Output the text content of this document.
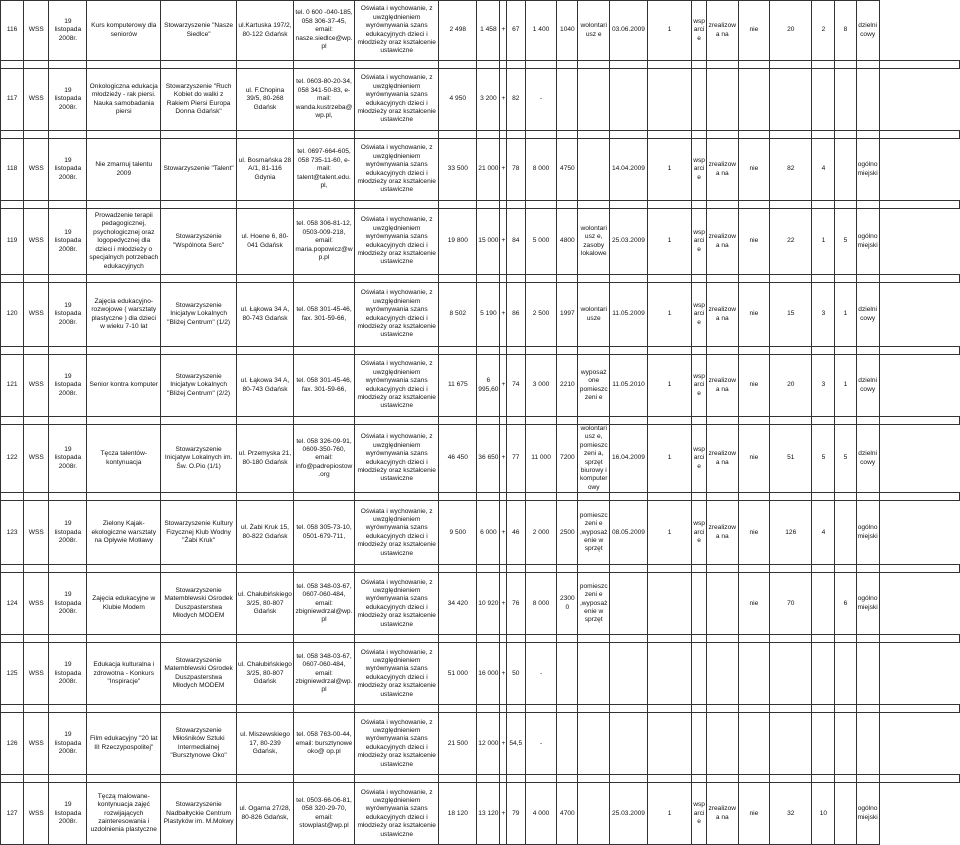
116	WSS	19 listopada 2008r.	Kurs komputerowy dla seniorów	Stowarzyszenie "Nasze Siedlce"	ul.Kartuska 197/2, 80-122 Gdańsk	tel. 0 600 -040-185, 058 306-37-45, email: nasze.siedlce@wp. pl	Oświata i wychowanie, z uwzględnieniem wyrównywania szans edukacyjnych dzieci i młodzieży oraz kształcenie ustawiczne	2 498	1 458	+	67	1 400	1040	wolontariusz e	03.06.2009	1	wsparcie	zrealizowa na	nie	20	2	8	dzielnicowy	

117	WSS	19 listopada 2008r.	Onkologiczna edukacja młodzieży - rak piersi. Nauka samobadania piersi	Stowarzyszenie "Ruch Kobiet do walki z Rakiem Piersi Europa Donna Gdańsk"	ul. F.Chopina 39/5, 80-268 Gdańsk	tel. 0603-80-20-34, 058 341-50-83, e-mail: wanda.kustrzeba@ wp.pl,	Oświata i wychowanie, z uwzględnieniem wyrównywania szans edukacyjnych dzieci i młodzieży oraz kształcenie ustawiczne	4 950	3 200	+	82	-												

118	WSS	19 listopada 2008r.	Nie zmarnuj talentu 2009	Stowarzyszenie "Talent"	ul. Bosmańska 28 A/1, 81-116 Gdynia	tel. 0697-664-605, 058 735-11-60, e-mail: talent@talent.edu. pl,	Oświata i wychowanie, z uwzględnieniem wyrównywania szans edukacyjnych dzieci i młodzieży oraz kształcenie ustawiczne	33 500	21 000	+	78	8 000	4750		14.04.2009	1	wsparcie	zrealizowa na	nie	82	4		ogólnomiejski	

119	WSS	19 listopada 2008r.	Prowadzenie terapii pedagogicznej, psychologicznej oraz logopedycznej dla dzieci i młodzieży o specjalnych potrzebach edukacyjnych	Stowarzyszenie "Wspólnota Serc"	ul. Hoene 6, 80-041 Gdańsk	tel. 058 306-81-12, 0503-009-218, email: maria.popowicz@w p.pl	Oświata i wychowanie, z uwzględnieniem wyrównywania szans edukacyjnych dzieci i młodzieży oraz kształcenie ustawiczne	19 800	15 000	+	84	5 000	4800	wolontariusz e, zasoby lokalowe	25.03.2009	1	wsparcie	zrealizowa na	nie	22	1	5	ogólnomiejski	

120	WSS	19 listopada 2008r.	Zajęcia edukacyjno-rozwojowe ( warsztaty plastyczne ) dla dzieci w wieku 7-10 lat	Stowarzyszenie Inicjatyw Lokalnych "Bliżej Centrum" (1/2)	ul. Łąkowa 34 A, 80-743 Gdańsk	tel. 058 301-45-46, fax. 301-59-66,	Oświata i wychowanie, z uwzględnieniem wyrównywania szans edukacyjnych dzieci i młodzieży oraz kształcenie ustawiczne	8 502	5 190	+	86	2 500	1997	wolontariusze	11.05.2009	1	wsparcie	zrealizowa na	nie	15	3	1	dzielnicowy	

121	WSS	19 listopada 2008r.	Senior kontra komputer	Stowarzyszenie Inicjatyw Lokalnych "Bliżej Centrum" (2/2)	ul. Łąkowa 34 A, 80-743 Gdańsk	tel. 058 301-45-46, fax. 301-59-66,	Oświata i wychowanie, z uwzględnieniem wyrównywania szans edukacyjnych dzieci i młodzieży oraz kształcenie ustawiczne	11 675	6 995,60	+	74	3 000	2210	wyposażone pomieszczeni e	11.05.2010	1	wsparcie	zrealizowa na	nie	20	3	1	dzielnicowy	

122	WSS	19 listopada 2008r.	Tęcza talentów- kontynuacja	Stowarzyszenie Inicjatyw Lokalnych im. Św. O.Pio (1/1)	ul. Przemyska 21, 80-180 Gdańsk	tel. 058 326-09-91, 0609-350-760, email: info@padrepiostow .org	Oświata i wychowanie, z uwzględnieniem wyrównywania szans edukacyjnych dzieci i młodzieży oraz kształcenie ustawiczne	46 450	36 650	+	77	11 000	7200	wolontariusz e, pomieszczeni a, sprzęt biurowy i komputerowy	16.04.2009	1	wsparcie	zrealizowa na	nie	51	5	5	dzielnicowy	

123	WSS	19 listopada 2008r.	Zielony Kajak- ekologiczne warsztaty na Opływie Motławy	Stowarzyszenie Kultury Fizycznej Klub Wodny "Żabi Kruk"	ul. Żabi Kruk 15, 80-822 Gdańsk	tel. 058 305-73-10, 0501-679-711,	Oświata i wychowanie, z uwzględnieniem wyrównywania szans edukacyjnych dzieci i młodzieży oraz kształcenie ustawiczne	9 500	6 000	+	46	2 000	2500	pomieszczeni e ,wyposażenie w sprzęt	08.05.2009	1	wsparcie	zrealizowa na	nie	126	4		ogólnomiejski	

124	WSS	19 listopada 2008r.	Zajęcia edukacyjne w Klubie Modem	Stowarzyszenie Matemblewski Ośrodek Duszpasterstwa Młodych MODEM	ul. Chałubińskiego 3/25, 80-807 Gdańsk	tel. 058 348-03-67, 0607-060-484, email: zbigniewdrzal@wp. pl	Oświata i wychowanie, z uwzględnieniem wyrównywania szans edukacyjnych dzieci i młodzieży oraz kształcenie ustawiczne	34 420	10 920	+	76	8 000	23000	pomieszczeni e ,wyposażenie w sprzęt					nie	70		6	ogólnomiejski	

125	WSS	19 listopada 2008r.	Edukacja kulturalna i zdrowotna - Konkurs "Inspiracje"	Stowarzyszenie Matemblewski Ośrodek Duszpasterstwa Młodych MODEM	ul. Chałubińskiego 3/25, 80-807 Gdańsk	tel. 058 348-03-67, 0607-060-484, email: zbigniewdrzal@wp. pl	Oświata i wychowanie, z uwzględnieniem wyrównywania szans edukacyjnych dzieci i młodzieży oraz kształcenie ustawiczne	51 000	16 000	+	50	-												

126	WSS	19 listopada 2008r.	Film edukacyjny "20 lat III Rzeczypospolitej"	Stowarzyszenie Miłośników Sztuki Intermedialnej "Bursztynowe Oko"	ul. Miszewskiego 17, 80-239 Gdańsk,	tel. 058 763-00-44, email: bursztynowe oko@ op.pl	Oświata i wychowanie, z uwzględnieniem wyrównywania szans edukacyjnych dzieci i młodzieży oraz kształcenie ustawiczne	21 500	12 000	+	54,5	-												

127	WSS	19 listopada 2008r.	Tęczą malowane- kontynuacja zajęć rozwijających zainteresowania i uzdolnienia plastyczne	Stowarzyszenie Nadbałtyckie Centrum Plastyków im. M.Mokwy	ul. Ogarna 27/28, 80-826 Gdańsk,	tel. 0503-66-06-81, 058 320-29-70, email: stowplast@wp.pl	Oświata i wychowanie, z uwzględnieniem wyrównywania szans edukacyjnych dzieci i młodzieży oraz kształcenie ustawiczne	18 120	13 120	+	79	4 000	4700		25.03.2009	1	wsparcie	zrealizowa na	nie	32	10		ogólnomiejski	
